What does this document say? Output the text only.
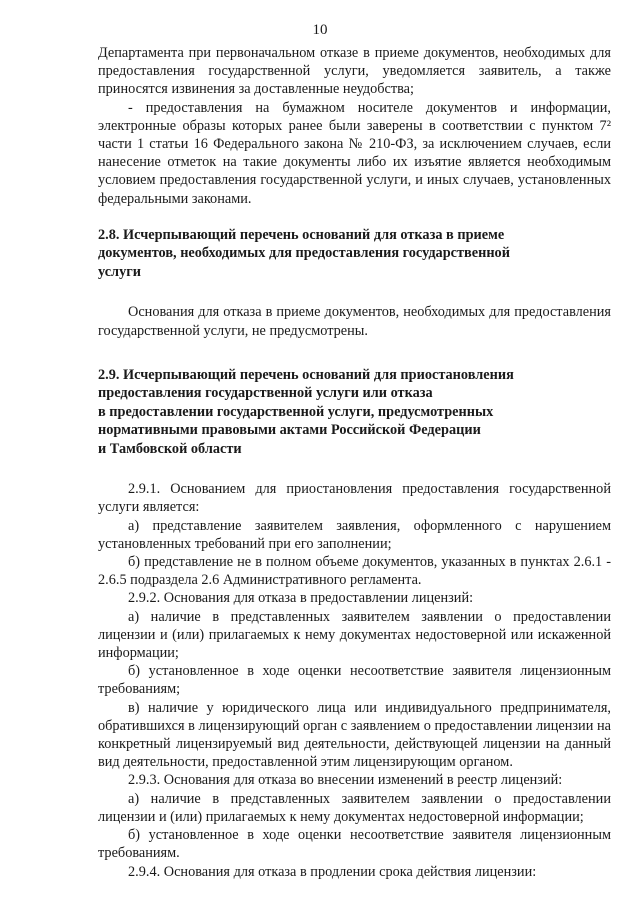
10

Департамента при первоначальном отказе в приеме документов, необходимых для предоставления государственной услуги, уведомляется заявитель, а также приносятся извинения за доставленные неудобства;

- предоставления на бумажном носителе документов и информации, электронные образы которых ранее были заверены в соответствии с пунктом 7² части 1 статьи 16 Федерального закона № 210-ФЗ, за исключением случаев, если нанесение отметок на такие документы либо их изъятие является необходимым условием предоставления государственной услуги, и иных случаев, установленных федеральными законами.

2.8. Исчерпывающий перечень оснований для отказа в приеме

документов, необходимых для предоставления государственной

услуги

Основания для отказа в приеме документов, необходимых для предоставления государственной услуги, не предусмотрены.

2.9. Исчерпывающий перечень оснований для приостановления

предоставления государственной услуги или отказа

в предоставлении государственной услуги, предусмотренных

нормативными правовыми актами Российской Федерации

и Тамбовской области

2.9.1. Основанием для приостановления предоставления государственной услуги является:

а) представление заявителем заявления, оформленного с нарушением установленных требований при его заполнении;

б) представление не в полном объеме документов, указанных в пунктах 2.6.1 - 2.6.5 подраздела 2.6 Административного регламента.

2.9.2. Основания для отказа в предоставлении лицензий:

а) наличие в представленных заявителем заявлении о предоставлении лицензии и (или) прилагаемых к нему документах недостоверной или искаженной информации;

б) установленное в ходе оценки несоответствие заявителя лицензионным требованиям;

в) наличие у юридического лица или индивидуального предпринимателя, обратившихся в лицензирующий орган с заявлением о предоставлении лицензии на конкретный лицензируемый вид деятельности, действующей лицензии на данный вид деятельности, предоставленной этим лицензирующим органом.

2.9.3. Основания для отказа во внесении изменений в реестр лицензий:

а) наличие в представленных заявителем заявлении о предоставлении лицензии и (или) прилагаемых к нему документах недостоверной информации;

б) установленное в ходе оценки несоответствие заявителя лицензионным требованиям.

2.9.4. Основания для отказа в продлении срока действия лицензии:
